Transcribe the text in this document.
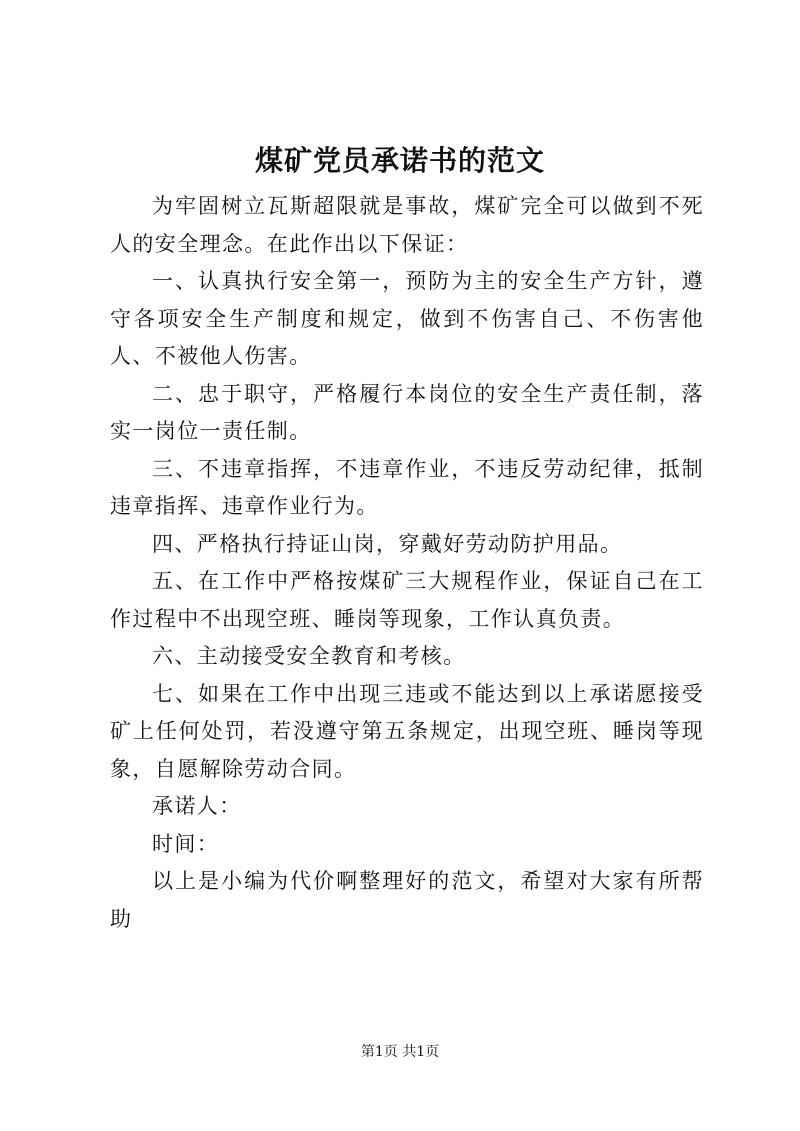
煤矿党员承诺书的范文

为牢固树立瓦斯超限就是事故，煤矿完全可以做到不死人的安全理念。在此作出以下保证：

一、认真执行安全第一，预防为主的安全生产方针，遵守各项安全生产制度和规定，做到不伤害自己、不伤害他人、不被他人伤害。

二、忠于职守，严格履行本岗位的安全生产责任制，落实一岗位一责任制。

三、不违章指挥，不违章作业，不违反劳动纪律，抵制违章指挥、违章作业行为。

四、严格执行持证山岗，穿戴好劳动防护用品。

五、在工作中严格按煤矿三大规程作业，保证自己在工作过程中不出现空班、睡岗等现象，工作认真负责。

六、主动接受安全教育和考核。

七、如果在工作中出现三违或不能达到以上承诺愿接受矿上任何处罚，若没遵守第五条规定，出现空班、睡岗等现象，自愿解除劳动合同。

承诺人：

时间：

以上是小编为代价啊整理好的范文，希望对大家有所帮助

第1页 共1页
